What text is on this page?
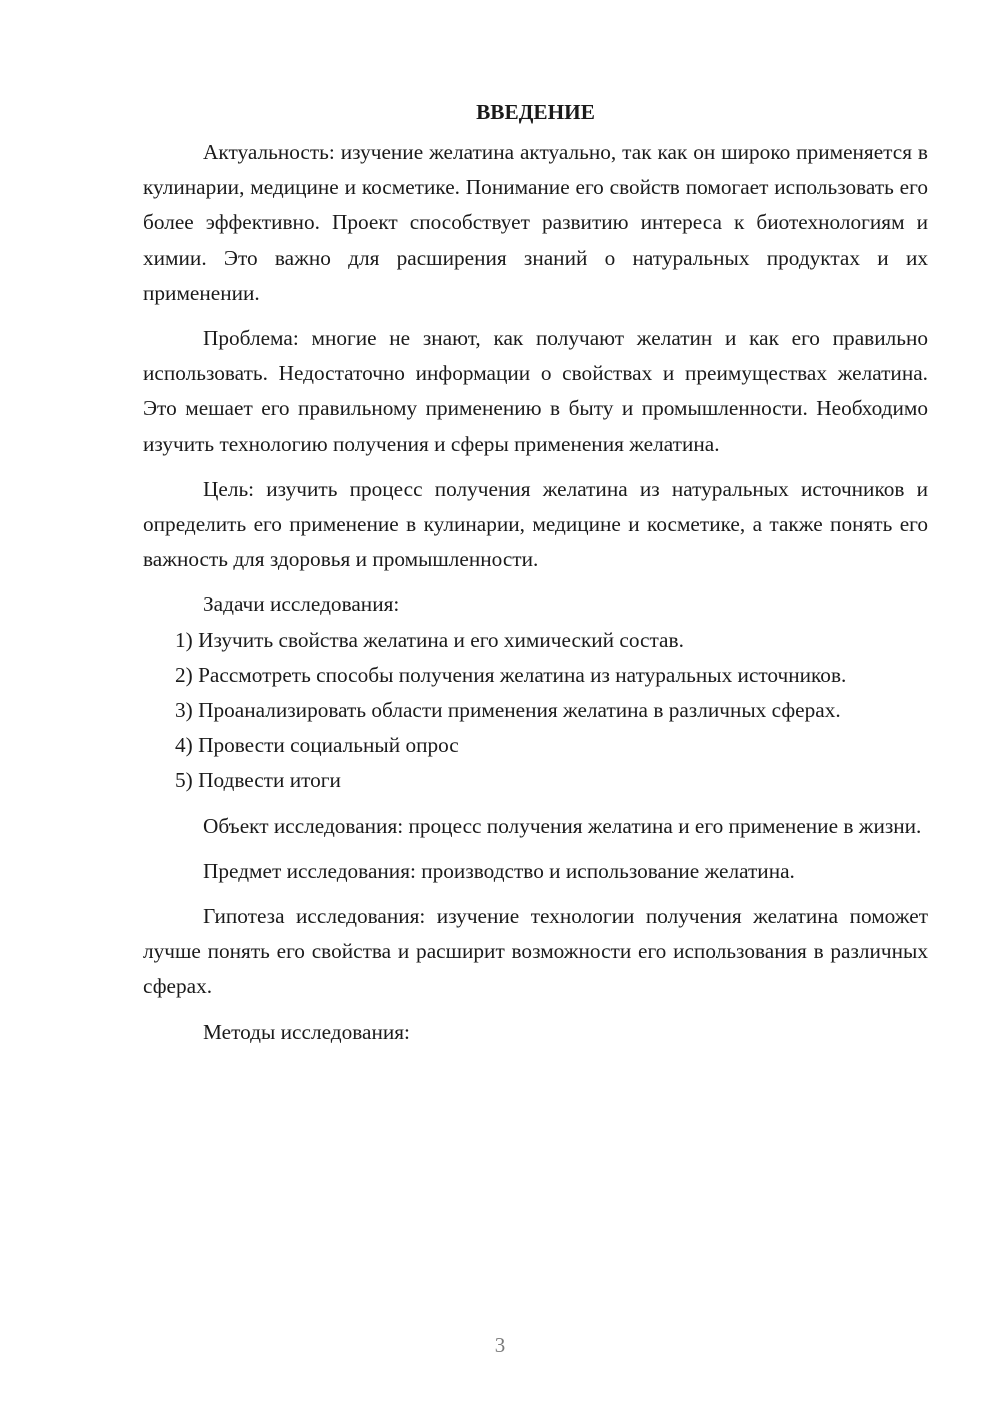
ВВЕДЕНИЕ

Актуальность: изучение желатина актуально, так как он широко применяется в кулинарии, медицине и косметике. Понимание его свойств помогает использовать его более эффективно. Проект способствует развитию интереса к биотехнологиям и химии. Это важно для расширения знаний о натуральных продуктах и их применении.

Проблема: многие не знают, как получают желатин и как его правильно использовать. Недостаточно информации о свойствах и преимуществах желатина. Это мешает его правильному применению в быту и промышленности. Необходимо изучить технологию получения и сферы применения желатина.

Цель: изучить процесс получения желатина из натуральных источников и определить его применение в кулинарии, медицине и косметике, а также понять его важность для здоровья и промышленности.

Задачи исследования:

1) Изучить свойства желатина и его химический состав.

2) Рассмотреть способы получения желатина из натуральных источников.

3) Проанализировать области применения желатина в различных сферах.

4) Провести социальный опрос

5) Подвести итоги

Объект исследования: процесс получения желатина и его применение в жизни.

Предмет исследования: производство и использование желатина.

Гипотеза исследования: изучение технологии получения желатина поможет лучше понять его свойства и расширит возможности его использования в различных сферах.

Методы исследования:

3
